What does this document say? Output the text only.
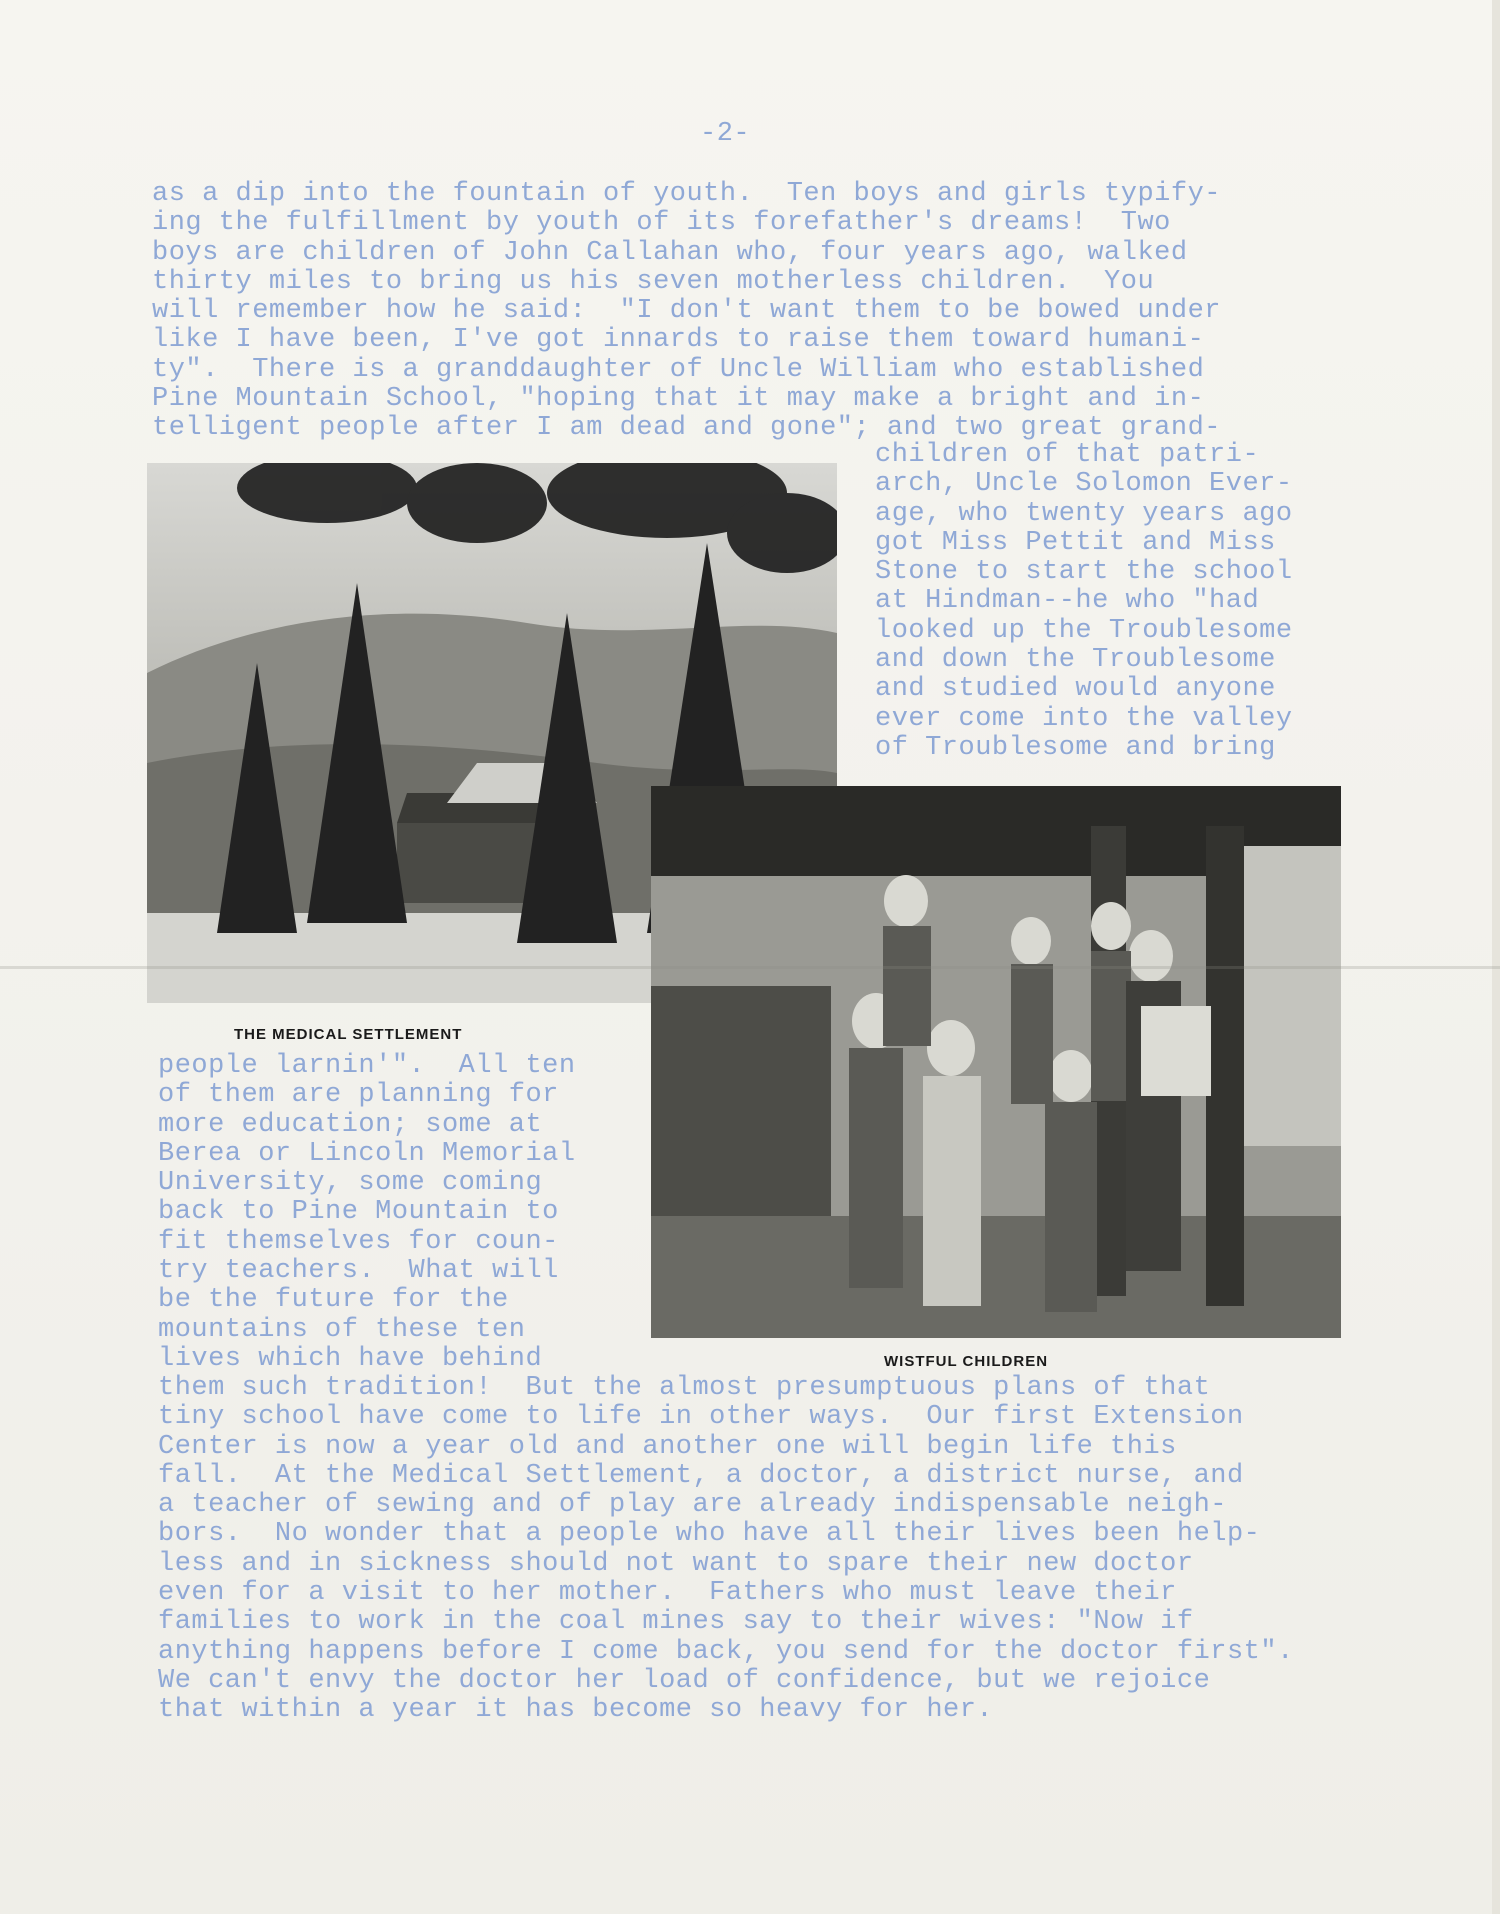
-2-
as a dip into the fountain of youth.  Ten boys and girls typify-
ing the fulfillment by youth of its forefather's dreams!  Two
boys are children of John Callahan who, four years ago, walked
thirty miles to bring us his seven motherless children.  You
will remember how he said:  "I don't want them to be bowed under
like I have been, I've got innards to raise them toward humani-
ty".  There is a granddaughter of Uncle William who established
Pine Mountain School, "hoping that it may make a bright and in-
telligent people after I am dead and gone"; and two great grand-
THE MEDICAL SETTLEMENT
children of that patri-
arch, Uncle Solomon Ever-
age, who twenty years ago
got Miss Pettit and Miss
Stone to start the school
at Hindman--he who "had
looked up the Troublesome
and down the Troublesome
and studied would anyone
ever come into the valley
of Troublesome and bring
WISTFUL CHILDREN
people larnin'".  All ten
of them are planning for
more education; some at
Berea or Lincoln Memorial
University, some coming
back to Pine Mountain to
fit themselves for coun-
try teachers.  What will
be the future for the
mountains of these ten
lives which have behind
them such tradition!  But the almost presumptuous plans of that
tiny school have come to life in other ways.  Our first Extension
Center is now a year old and another one will begin life this
fall.  At the Medical Settlement, a doctor, a district nurse, and
a teacher of sewing and of play are already indispensable neigh-
bors.  No wonder that a people who have all their lives been help-
less and in sickness should not want to spare their new doctor
even for a visit to her mother.  Fathers who must leave their
families to work in the coal mines say to their wives: "Now if
anything happens before I come back, you send for the doctor first".
We can't envy the doctor her load of confidence, but we rejoice
that within a year it has become so heavy for her.
